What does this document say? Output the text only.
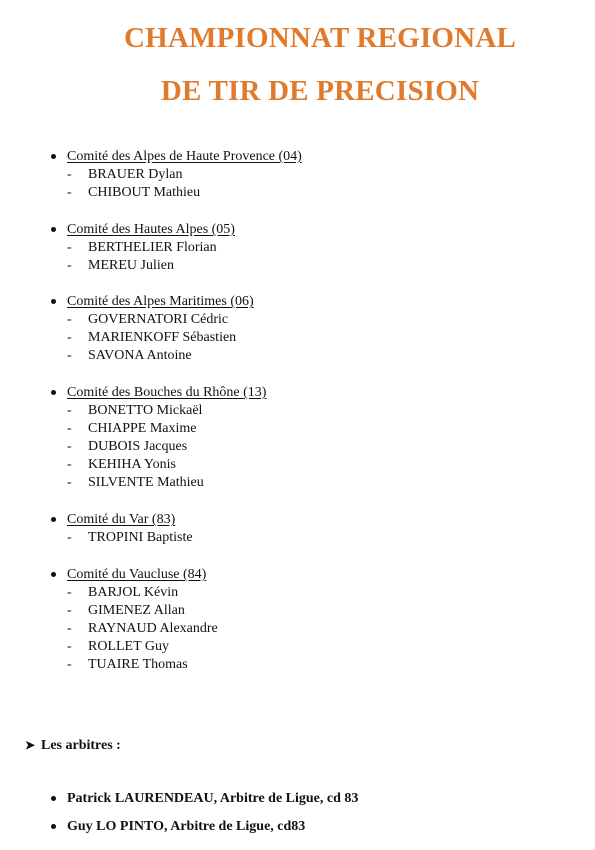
CHAMPIONNAT REGIONAL
DE TIR DE PRECISION
Comité des Alpes de Haute Provence (04)
- BRAUER Dylan
- CHIBOUT Mathieu
Comité des Hautes Alpes (05)
- BERTHELIER Florian
- MEREU Julien
Comité des Alpes Maritimes (06)
- GOVERNATORI Cédric
- MARIENKOFF Sébastien
- SAVONA Antoine
Comité des Bouches du Rhône (13)
- BONETTO Mickaël
- CHIAPPE Maxime
- DUBOIS Jacques
- KEHIHA Yonis
- SILVENTE Mathieu
Comité du Var (83)
- TROPINI Baptiste
Comité du Vaucluse (84)
- BARJOL Kévin
- GIMENEZ Allan
- RAYNAUD Alexandre
- ROLLET Guy
- TUAIRE Thomas
➤ Les arbitres :
Patrick LAURENDEAU, Arbitre de Ligue, cd 83
Guy LO PINTO, Arbitre de Ligue, cd83
